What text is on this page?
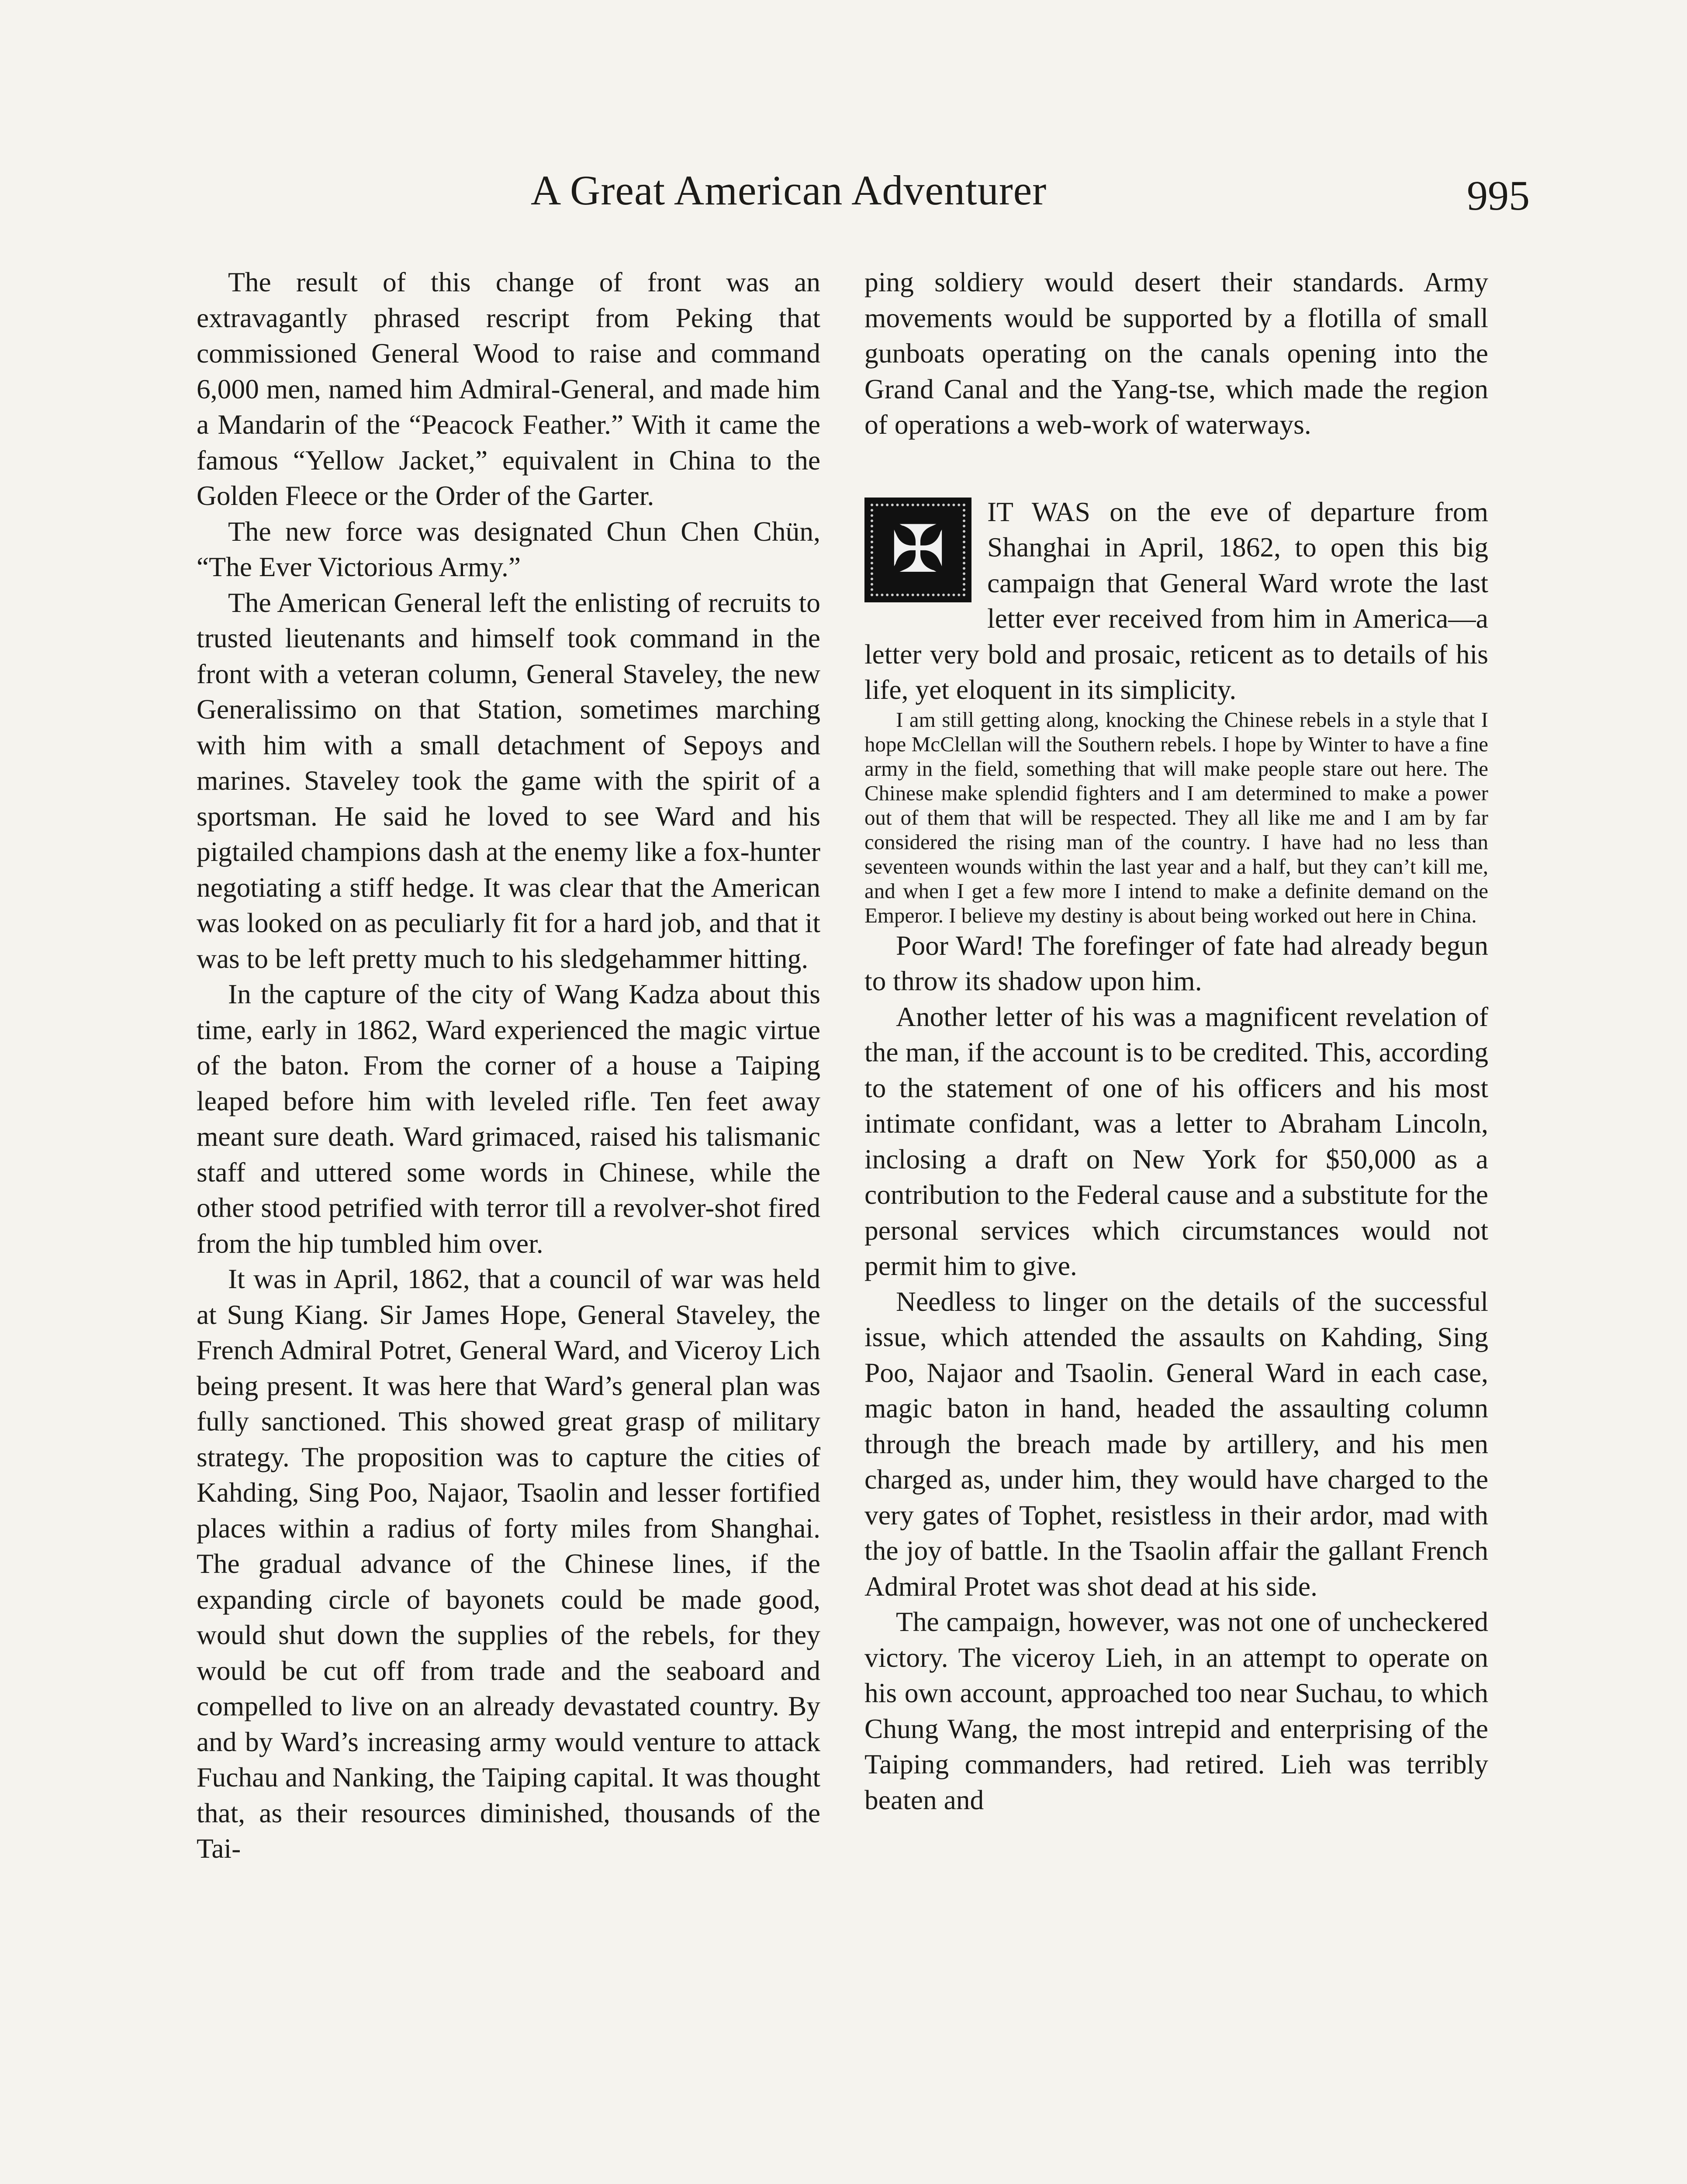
A Great American Adventurer	995

The result of this change of front was an extravagantly phrased rescript from Peking that commissioned General Wood to raise and command 6,000 men, named him Admiral-General, and made him a Mandarin of the “Peacock Feather.” With it came the famous “Yellow Jacket,” equivalent in China to the Golden Fleece or the Order of the Garter.

The new force was designated Chun Chen Chün, “The Ever Victorious Army.”

The American General left the enlisting of recruits to trusted lieutenants and himself took command in the front with a veteran column, General Staveley, the new Generalissimo on that Station, sometimes marching with him with a small detachment of Sepoys and marines. Staveley took the game with the spirit of a sportsman. He said he loved to see Ward and his pigtailed champions dash at the enemy like a fox-hunter negotiating a stiff hedge. It was clear that the American was looked on as peculiarly fit for a hard job, and that it was to be left pretty much to his sledgehammer hitting.

In the capture of the city of Wang Kadza about this time, early in 1862, Ward experienced the magic virtue of the baton. From the corner of a house a Taiping leaped before him with leveled rifle. Ten feet away meant sure death. Ward grimaced, raised his talismanic staff and uttered some words in Chinese, while the other stood petrified with terror till a revolver-shot fired from the hip tumbled him over.

It was in April, 1862, that a council of war was held at Sung Kiang. Sir James Hope, General Staveley, the French Admiral Potret, General Ward, and Viceroy Lich being present. It was here that Ward’s general plan was fully sanctioned. This showed great grasp of military strategy. The proposition was to capture the cities of Kahding, Sing Poo, Najaor, Tsaolin and lesser fortified places within a radius of forty miles from Shanghai. The gradual advance of the Chinese lines, if the expanding circle of bayonets could be made good, would shut down the supplies of the rebels, for they would be cut off from trade and the seaboard and compelled to live on an already devastated country. By and by Ward’s increasing army would venture to attack Fuchau and Nanking, the Taiping capital. It was thought that, as their resources diminished, thousands of the Tai-

ping soldiery would desert their standards. Army movements would be supported by a flotilla of small gunboats operating on the canals opening into the Grand Canal and the Yang-tse, which made the region of operations a web-work of waterways.

✠

IT WAS on the eve of departure from Shanghai in April, 1862, to open this big campaign that General Ward wrote the last letter ever received from him in America—a letter very bold and prosaic, reticent as to details of his life, yet eloquent in its simplicity.

I am still getting along, knocking the Chinese rebels in a style that I hope McClellan will the Southern rebels. I hope by Winter to have a fine army in the field, something that will make people stare out here. The Chinese make splendid fighters and I am determined to make a power out of them that will be respected. They all like me and I am by far considered the rising man of the country. I have had no less than seventeen wounds within the last year and a half, but they can’t kill me, and when I get a few more I intend to make a definite demand on the Emperor. I believe my destiny is about being worked out here in China.

Poor Ward! The forefinger of fate had already begun to throw its shadow upon him.

Another letter of his was a magnificent revelation of the man, if the account is to be credited. This, according to the statement of one of his officers and his most intimate confidant, was a letter to Abraham Lincoln, inclosing a draft on New York for $50,000 as a contribution to the Federal cause and a substitute for the personal services which circumstances would not permit him to give.

Needless to linger on the details of the successful issue, which attended the assaults on Kahding, Sing Poo, Najaor and Tsaolin. General Ward in each case, magic baton in hand, headed the assaulting column through the breach made by artillery, and his men charged as, under him, they would have charged to the very gates of Tophet, resistless in their ardor, mad with the joy of battle. In the Tsaolin affair the gallant French Admiral Protet was shot dead at his side.

The campaign, however, was not one of uncheckered victory. The viceroy Lieh, in an attempt to operate on his own account, approached too near Suchau, to which Chung Wang, the most intrepid and enterprising of the Taiping commanders, had retired. Lieh was terribly beaten and
